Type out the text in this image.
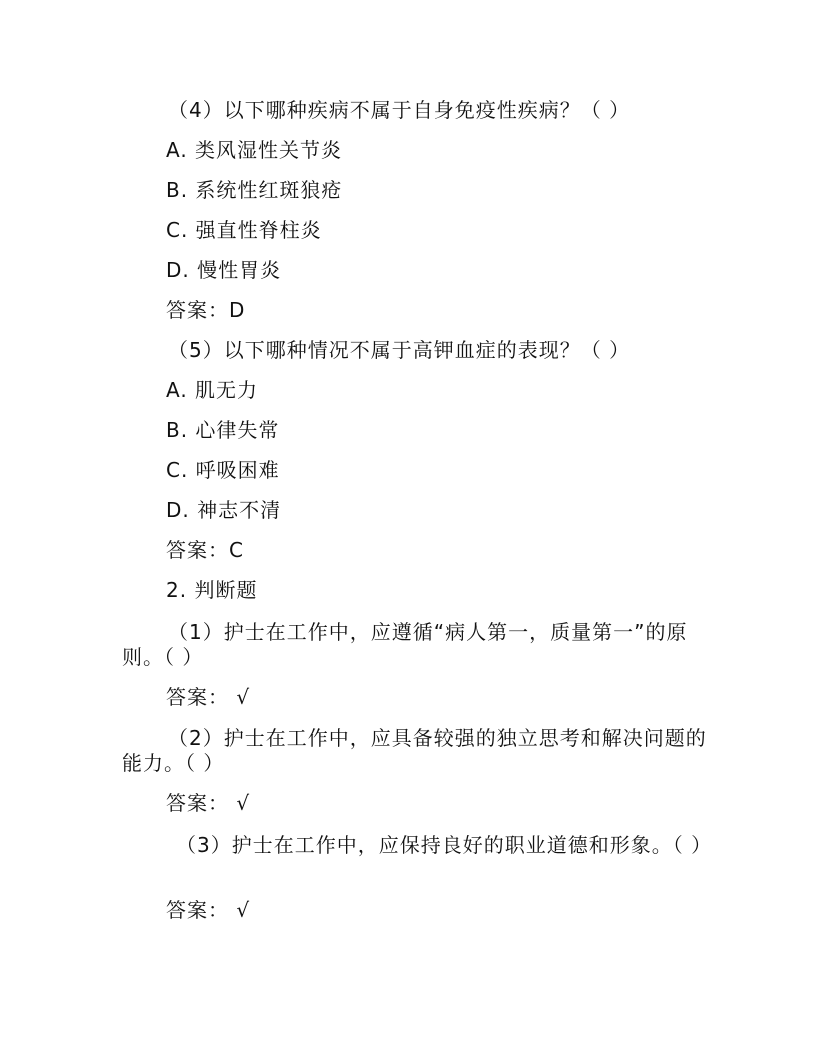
（4）以下哪种疾病不属于自身免疫性疾病？（ ）
A. 类风湿性关节炎
B. 系统性红斑狼疮
C. 强直性脊柱炎
D. 慢性胃炎
答案：D
（5）以下哪种情况不属于高钾血症的表现？（ ）
A. 肌无力
B. 心律失常
C. 呼吸困难
D. 神志不清
答案：C
2. 判断题
（1）护士在工作中，应遵循“病人第一，质量第一”的原则。（ ）
答案： √
（2）护士在工作中，应具备较强的独立思考和解决问题的能力。（ ）
答案： √
（3）护士在工作中，应保持良好的职业道德和形象。（ ）
答案： √
